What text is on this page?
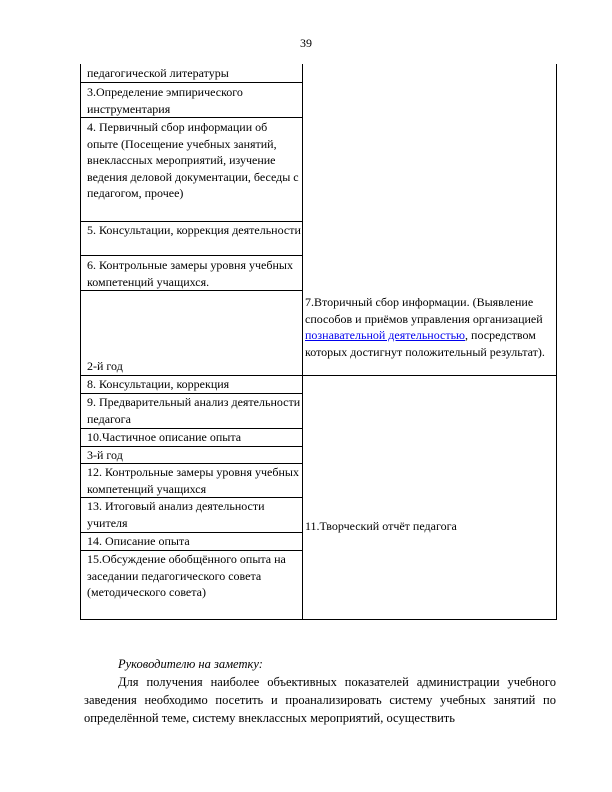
39
педагогической литературы
3.Определение эмпирического инструментария
4. Первичный сбор информации об опыте (Посещение учебных занятий, внеклассных мероприятий, изучение ведения деловой документации, беседы с педагогом, прочее)
5. Консультации, коррекция деятельности
6. Контрольные замеры уровня учебных компетенций учащихся.
2-й год
8. Консультации, коррекция
9. Предварительный анализ деятельности педагога
10.Частичное описание опыта
3-й год
12. Контрольные замеры уровня учебных компетенций учащихся
13. Итоговый анализ деятельности учителя
14. Описание опыта
15.Обсуждение обобщённого опыта на заседании педагогического совета (методического совета)
7.Вторичный сбор информации. (Выявление способов и приёмов управления организацией познавательной деятельностью, посредством которых достигнут положительный результат).
11.Творческий отчёт педагога
Руководителю на заметку:
Для получения наиболее объективных показателей администрации учебного заведения необходимо посетить и проанализировать систему учебных занятий по определённой теме, систему внеклассных мероприятий, осуществить
